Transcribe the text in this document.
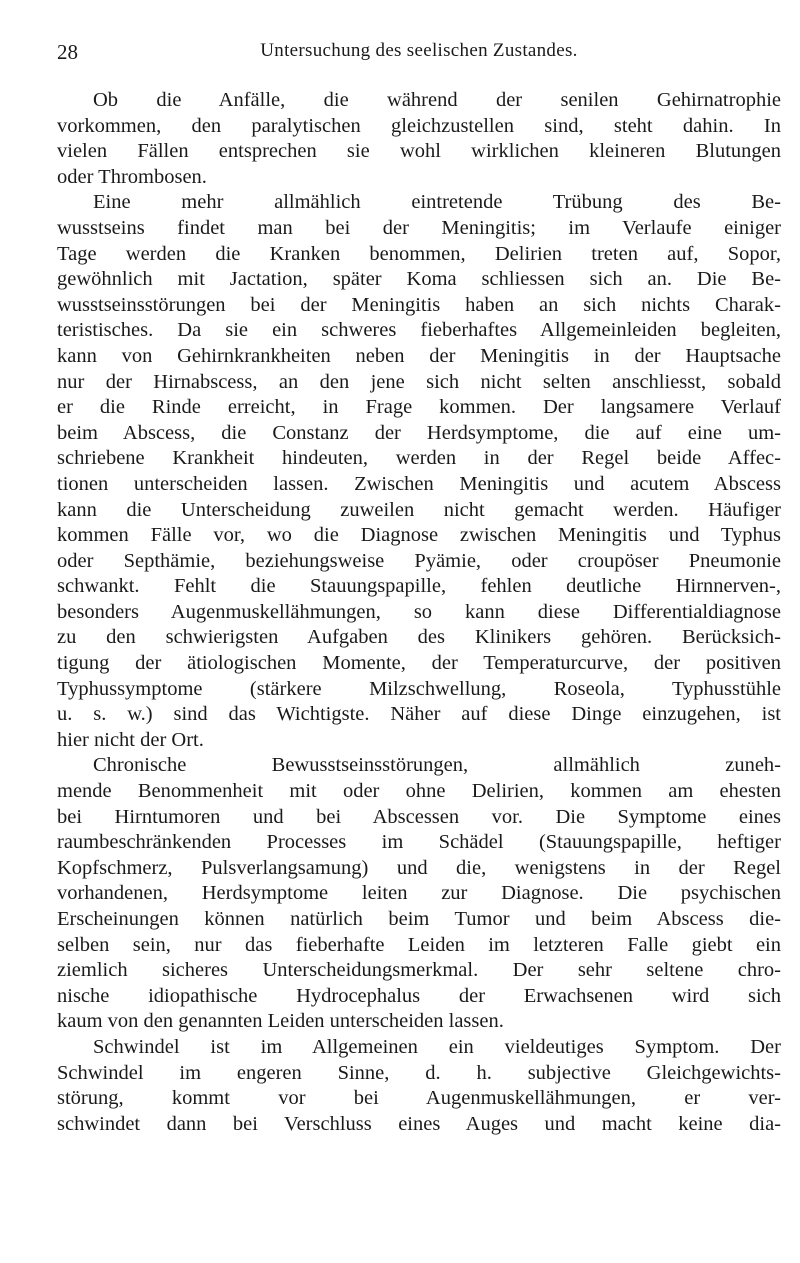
28	Untersuchung des seelischen Zustandes.
Ob die Anfälle, die während der senilen Gehirnatrophie
vorkommen, den paralytischen gleichzustellen sind, steht dahin. In
vielen Fällen entsprechen sie wohl wirklichen kleineren Blutungen
oder Thrombosen.
Eine mehr allmählich eintretende Trübung des Be-
wusstseins findet man bei der Meningitis; im Verlaufe einiger
Tage werden die Kranken benommen, Delirien treten auf, Sopor,
gewöhnlich mit Jactation, später Koma schliessen sich an. Die Be-
wusstseinsstörungen bei der Meningitis haben an sich nichts Charak-
teristisches. Da sie ein schweres fieberhaftes Allgemeinleiden begleiten,
kann von Gehirnkrankheiten neben der Meningitis in der Hauptsache
nur der Hirnabscess, an den jene sich nicht selten anschliesst, sobald
er die Rinde erreicht, in Frage kommen. Der langsamere Verlauf
beim Abscess, die Constanz der Herdsymptome, die auf eine um-
schriebene Krankheit hindeuten, werden in der Regel beide Affec-
tionen unterscheiden lassen. Zwischen Meningitis und acutem Abscess
kann die Unterscheidung zuweilen nicht gemacht werden. Häufiger
kommen Fälle vor, wo die Diagnose zwischen Meningitis und Typhus
oder Septhämie, beziehungsweise Pyämie, oder croupöser Pneumonie
schwankt. Fehlt die Stauungspapille, fehlen deutliche Hirnnerven-,
besonders Augenmuskellähmungen, so kann diese Differentialdiagnose
zu den schwierigsten Aufgaben des Klinikers gehören. Berücksich-
tigung der ätiologischen Momente, der Temperaturcurve, der positiven
Typhussymptome (stärkere Milzschwellung, Roseola, Typhusstühle
u. s. w.) sind das Wichtigste. Näher auf diese Dinge einzugehen, ist
hier nicht der Ort.
Chronische Bewusstseinsstörungen, allmählich zuneh-
mende Benommenheit mit oder ohne Delirien, kommen am ehesten
bei Hirntumoren und bei Abscessen vor. Die Symptome eines
raumbeschränkenden Processes im Schädel (Stauungspapille, heftiger
Kopfschmerz, Pulsverlangsamung) und die, wenigstens in der Regel
vorhandenen, Herdsymptome leiten zur Diagnose. Die psychischen
Erscheinungen können natürlich beim Tumor und beim Abscess die-
selben sein, nur das fieberhafte Leiden im letzteren Falle giebt ein
ziemlich sicheres Unterscheidungsmerkmal. Der sehr seltene chro-
nische idiopathische Hydrocephalus der Erwachsenen wird sich
kaum von den genannten Leiden unterscheiden lassen.
Schwindel ist im Allgemeinen ein vieldeutiges Symptom. Der
Schwindel im engeren Sinne, d. h. subjective Gleichgewichts-
störung, kommt vor bei Augenmuskellähmungen, er ver-
schwindet dann bei Verschluss eines Auges und macht keine dia-
